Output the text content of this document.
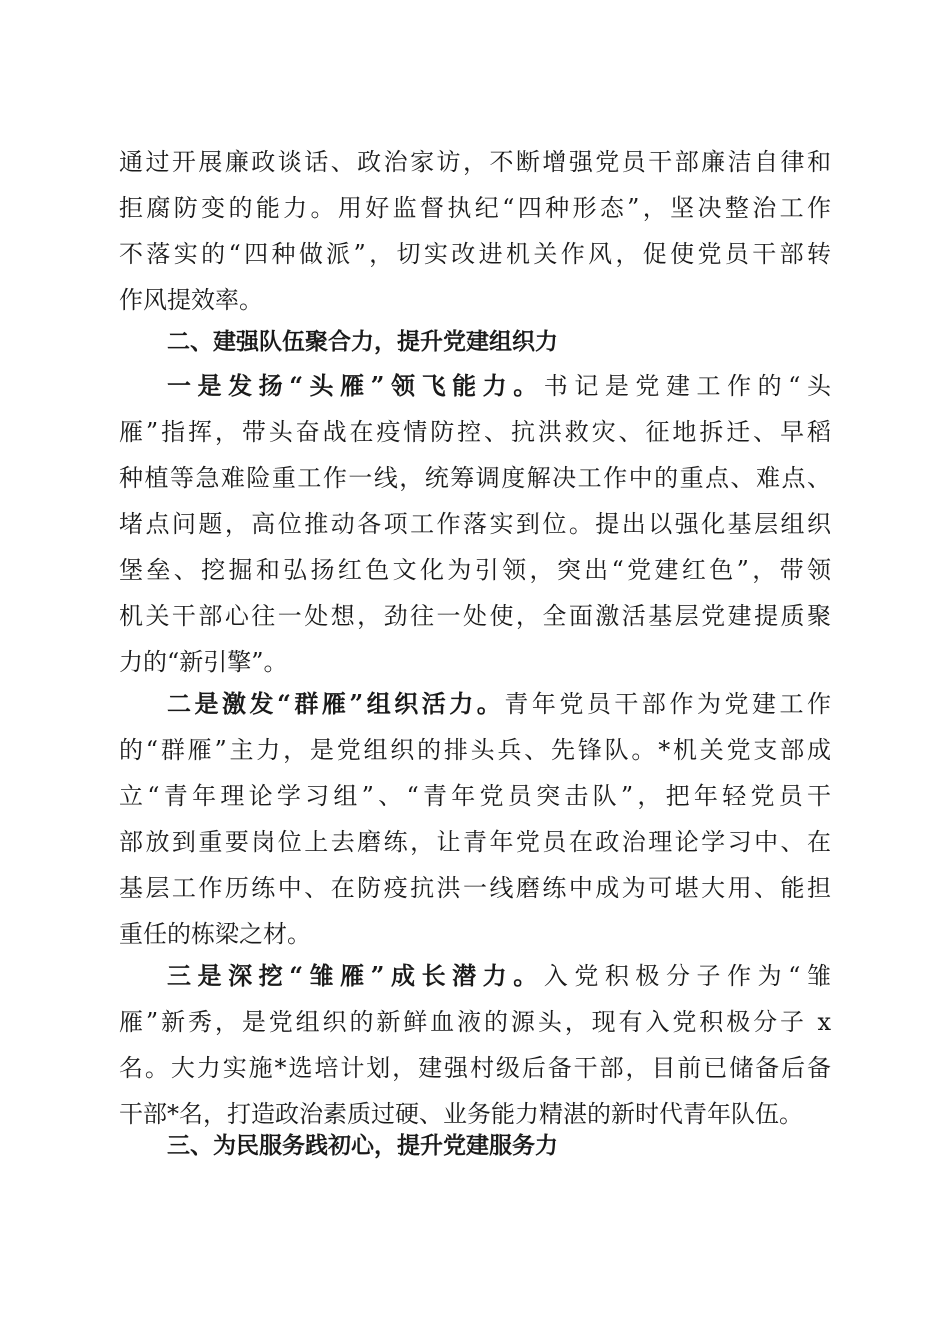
通过开展廉政谈话、政治家访，不断增强党员干部廉洁自律和
拒腐防变的能力。用好监督执纪“四种形态”，坚决整治工作
不落实的“四种做派”，切实改进机关作风，促使党员干部转
作风提效率。
二、建强队伍聚合力，提升党建组织力
一是发扬“头雁”领飞能力。书记是党建工作的“头
雁”指挥，带头奋战在疫情防控、抗洪救灾、征地拆迁、早稻
种植等急难险重工作一线，统筹调度解决工作中的重点、难点、
堵点问题，高位推动各项工作落实到位。提出以强化基层组织
堡垒、挖掘和弘扬红色文化为引领，突出“党建红色”，带领
机关干部心往一处想，劲往一处使，全面激活基层党建提质聚
力的“新引擎”。
二是激发“群雁”组织活力。青年党员干部作为党建工作
的“群雁”主力，是党组织的排头兵、先锋队。*机关党支部成
立“青年理论学习组”、“青年党员突击队”，把年轻党员干
部放到重要岗位上去磨练，让青年党员在政治理论学习中、在
基层工作历练中、在防疫抗洪一线磨练中成为可堪大用、能担
重任的栋梁之材。
三是深挖“雏雁”成长潜力。入党积极分子作为“雏
雁”新秀，是党组织的新鲜血液的源头，现有入党积极分子 x
名。大力实施*选培计划，建强村级后备干部，目前已储备后备
干部*名，打造政治素质过硬、业务能力精湛的新时代青年队伍。
三、为民服务践初心，提升党建服务力
